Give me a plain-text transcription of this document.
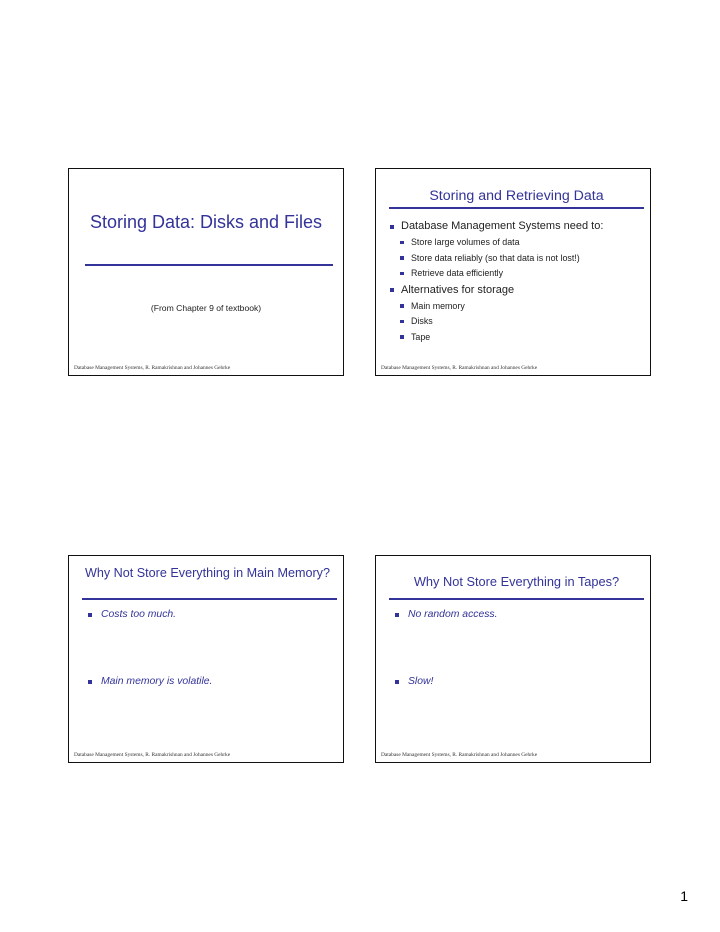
Storing Data: Disks and Files
(From Chapter 9 of textbook)
Database Management Systems, R. Ramakrishnan and Johannes Gehrke
Storing and Retrieving Data
Database Management Systems need to:
Store large volumes of data
Store data reliably (so that data is not lost!)
Retrieve data efficiently
Alternatives for storage
Main memory
Disks
Tape
Database Management Systems, R. Ramakrishnan and Johannes Gehrke
Why Not Store Everything in Main Memory?
Costs too much.
Main memory is volatile.
Database Management Systems, R. Ramakrishnan and Johannes Gehrke
Why Not Store Everything in Tapes?
No random access.
Slow!
Database Management Systems, R. Ramakrishnan and Johannes Gehrke
1
